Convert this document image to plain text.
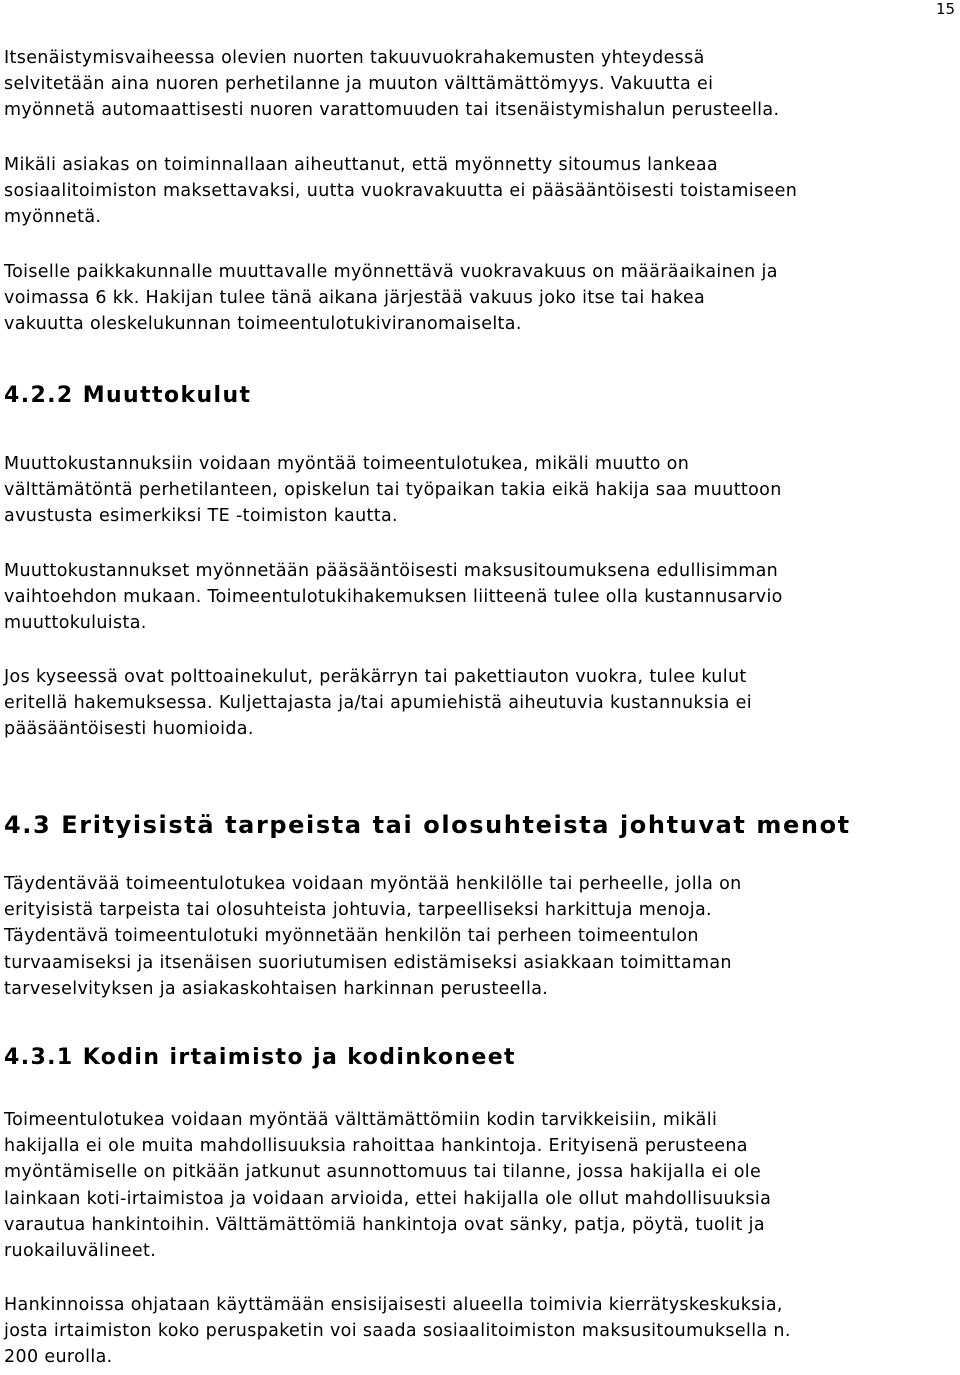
15

Itsenäistymisvaiheessa olevien nuorten takuuvuokrahakemusten yhteydessä
selvitetään aina nuoren perhetilanne ja muuton välttämättömyys. Vakuutta ei
myönnetä automaattisesti nuoren varattomuuden tai itsenäistymishalun perusteella.

Mikäli asiakas on toiminnallaan aiheuttanut, että myönnetty sitoumus lankeaa
sosiaalitoimiston maksettavaksi, uutta vuokravakuutta ei pääsääntöisesti toistamiseen
myönnetä.

Toiselle paikkakunnalle muuttavalle myönnettävä vuokravakuus on määräaikainen ja
voimassa 6 kk. Hakijan tulee tänä aikana järjestää vakuus joko itse tai hakea
vakuutta oleskelukunnan toimeentulotukiviranomaiselta.

4.2.2 Muuttokulut

Muuttokustannuksiin voidaan myöntää toimeentulotukea, mikäli muutto on
välttämätöntä perhetilanteen, opiskelun tai työpaikan takia eikä hakija saa muuttoon
avustusta esimerkiksi TE -toimiston kautta.

Muuttokustannukset myönnetään pääsääntöisesti maksusitoumuksena edullisimman
vaihtoehdon mukaan. Toimeentulotukihakemuksen liitteenä tulee olla kustannusarvio
muuttokuluista.

Jos kyseessä ovat polttoainekulut, peräkärryn tai pakettiauton vuokra, tulee kulut
eritellä hakemuksessa. Kuljettajasta ja/tai apumiehistä aiheutuvia kustannuksia ei
pääsääntöisesti huomioida.

4.3 Erityisistä tarpeista tai olosuhteista johtuvat menot

Täydentävää toimeentulotukea voidaan myöntää henkilölle tai perheelle, jolla on
erityisistä tarpeista tai olosuhteista johtuvia, tarpeelliseksi harkittuja menoja.
Täydentävä toimeentulotuki myönnetään henkilön tai perheen toimeentulon
turvaamiseksi ja itsenäisen suoriutumisen edistämiseksi asiakkaan toimittaman
tarveselvityksen ja asiakaskohtaisen harkinnan perusteella.

4.3.1 Kodin irtaimisto ja kodinkoneet

Toimeentulotukea voidaan myöntää välttämättömiin kodin tarvikkeisiin, mikäli
hakijalla ei ole muita mahdollisuuksia rahoittaa hankintoja. Erityisenä perusteena
myöntämiselle on pitkään jatkunut asunnottomuus tai tilanne, jossa hakijalla ei ole
lainkaan koti-irtaimistoa ja voidaan arvioida, ettei hakijalla ole ollut mahdollisuuksia
varautua hankintoihin. Välttämättömiä hankintoja ovat sänky, patja, pöytä, tuolit ja
ruokailuvälineet.

Hankinnoissa ohjataan käyttämään ensisijaisesti alueella toimivia kierrätyskeskuksia,
josta irtaimiston koko peruspaketin voi saada sosiaalitoimiston maksusitoumuksella n.
200 eurolla.
